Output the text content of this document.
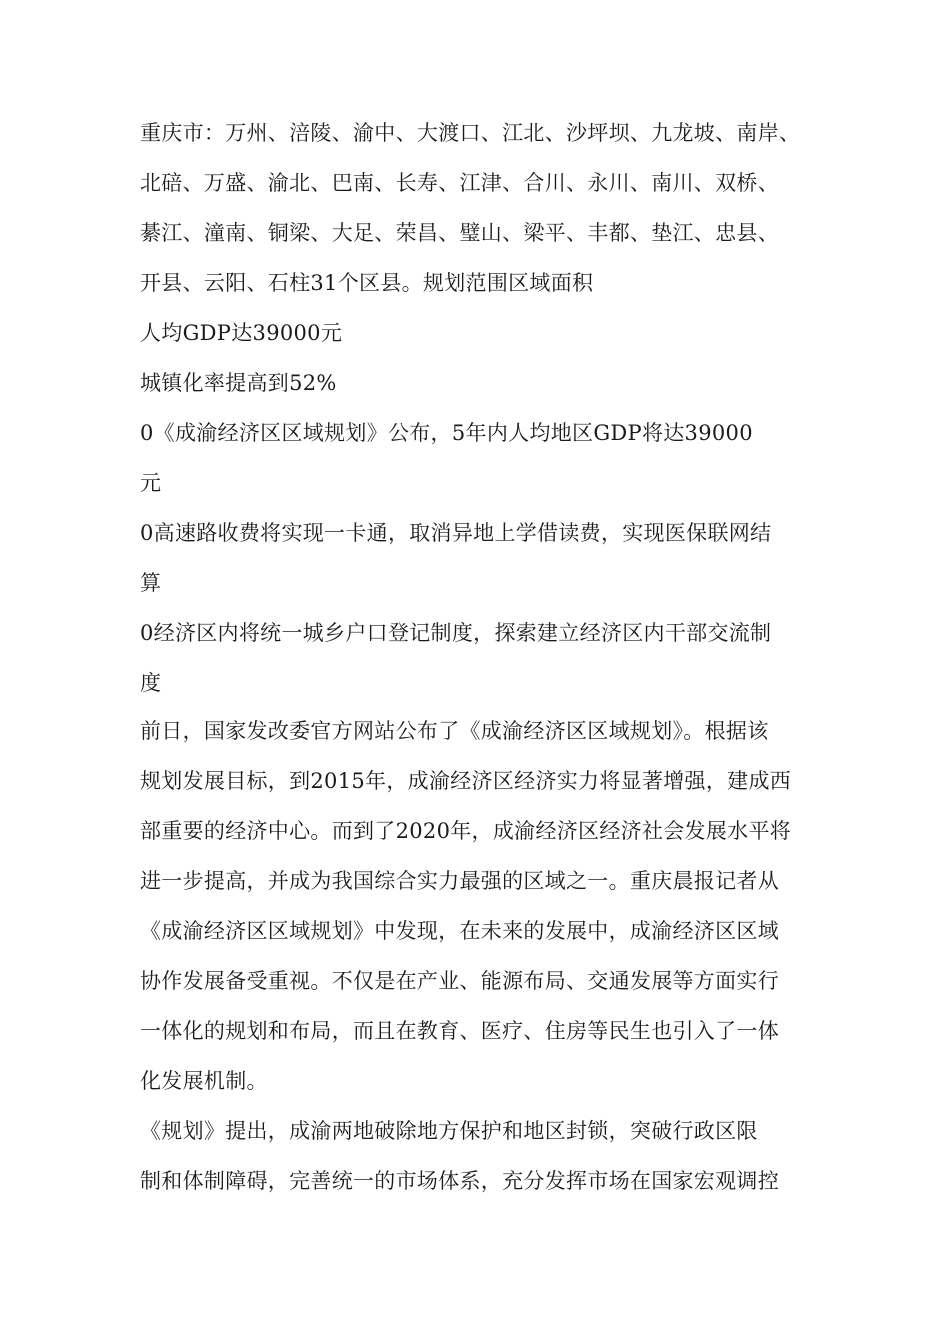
重庆市：万州、涪陵、渝中、大渡口、江北、沙坪坝、九龙坡、南岸、
北碚、万盛、渝北、巴南、长寿、江津、合川、永川、南川、双桥、
綦江、潼南、铜梁、大足、荣昌、璧山、梁平、丰都、垫江、忠县、
开县、云阳、石柱31个区县。规划范围区域面积
人均GDP达39000元
城镇化率提高到52%
0《成渝经济区区域规划》公布，5年内人均地区GDP将达39000
元
0高速路收费将实现一卡通，取消异地上学借读费，实现医保联网结
算
0经济区内将统一城乡户口登记制度，探索建立经济区内干部交流制
度
前日，国家发改委官方网站公布了《成渝经济区区域规划》。根据该
规划发展目标，到2015年，成渝经济区经济实力将显著增强，建成西
部重要的经济中心。而到了2020年，成渝经济区经济社会发展水平将
进一步提高，并成为我国综合实力最强的区域之一。重庆晨报记者从
《成渝经济区区域规划》中发现，在未来的发展中，成渝经济区区域
协作发展备受重视。不仅是在产业、能源布局、交通发展等方面实行
一体化的规划和布局，而且在教育、医疗、住房等民生也引入了一体
化发展机制。
《规划》提出，成渝两地破除地方保护和地区封锁，突破行政区限
制和体制障碍，完善统一的市场体系，充分发挥市场在国家宏观调控
